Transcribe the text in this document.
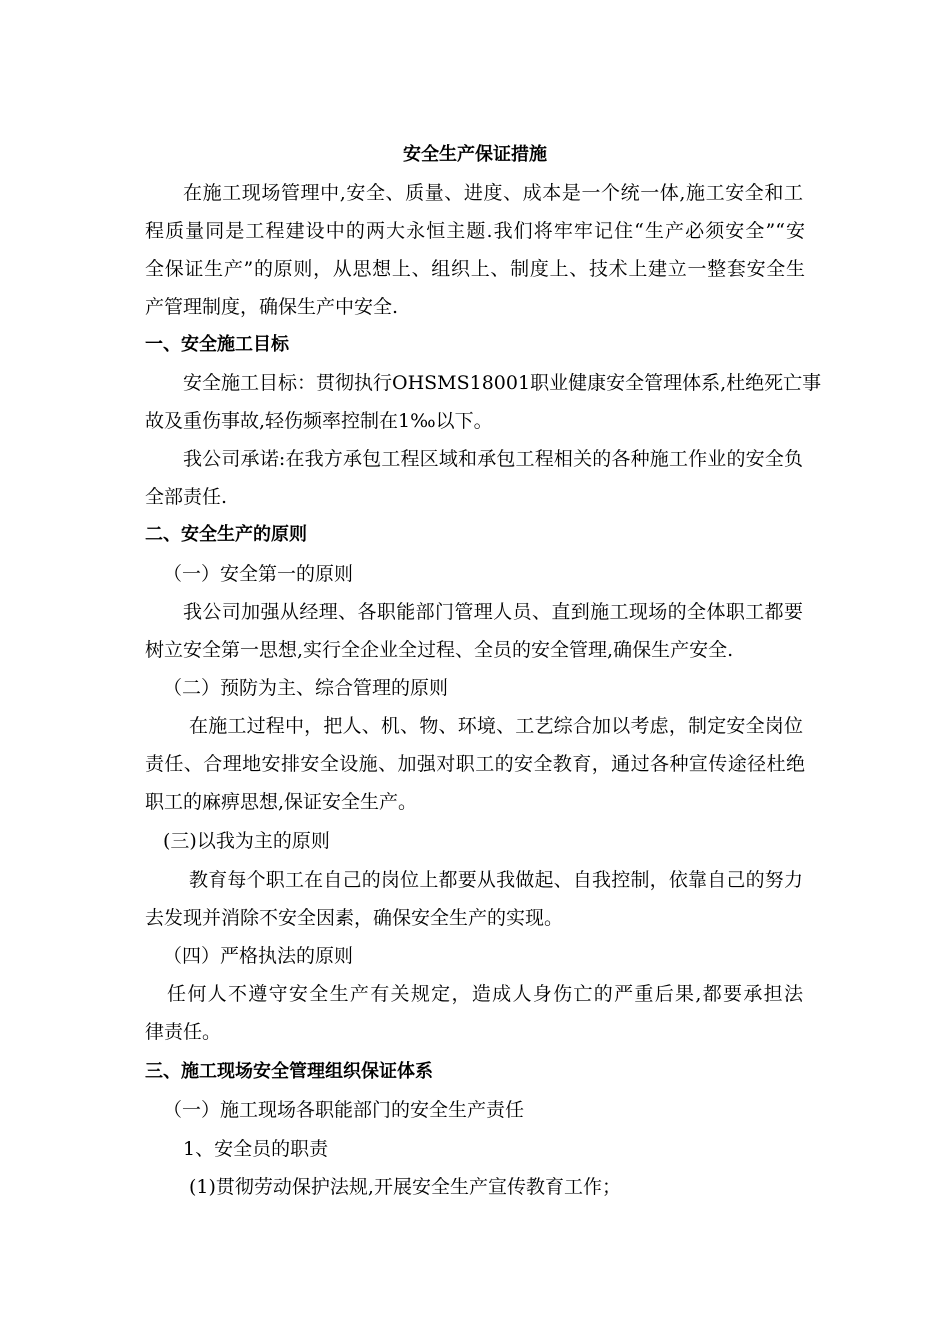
安全生产保证措施
在施工现场管理中,安全、质量、进度、成本是一个统一体,施工安全和工
程质量同是工程建设中的两大永恒主题.我们将牢牢记住“生产必须安全”“安
全保证生产”的原则，从思想上、组织上、制度上、技术上建立一整套安全生
产管理制度，确保生产中安全.
一、安全施工目标
安全施工目标：贯彻执行OHSMS18001职业健康安全管理体系,杜绝死亡事
故及重伤事故,轻伤频率控制在1‰以下。
我公司承诺:在我方承包工程区域和承包工程相关的各种施工作业的安全负
全部责任.
二、安全生产的原则
（一）安全第一的原则
我公司加强从经理、各职能部门管理人员、直到施工现场的全体职工都要
树立安全第一思想,实行全企业全过程、全员的安全管理,确保生产安全.
（二）预防为主、综合管理的原则
在施工过程中，把人、机、物、环境、工艺综合加以考虑，制定安全岗位
责任、合理地安排安全设施、加强对职工的安全教育，通过各种宣传途径杜绝
职工的麻痹思想,保证安全生产。
(三)以我为主的原则
教育每个职工在自己的岗位上都要从我做起、自我控制，依靠自己的努力
去发现并消除不安全因素，确保安全生产的实现。
（四）严格执法的原则
任何人不遵守安全生产有关规定，造成人身伤亡的严重后果,都要承担法
律责任。
三、施工现场安全管理组织保证体系
（一）施工现场各职能部门的安全生产责任
1、安全员的职责
(1)贯彻劳动保护法规,开展安全生产宣传教育工作；
